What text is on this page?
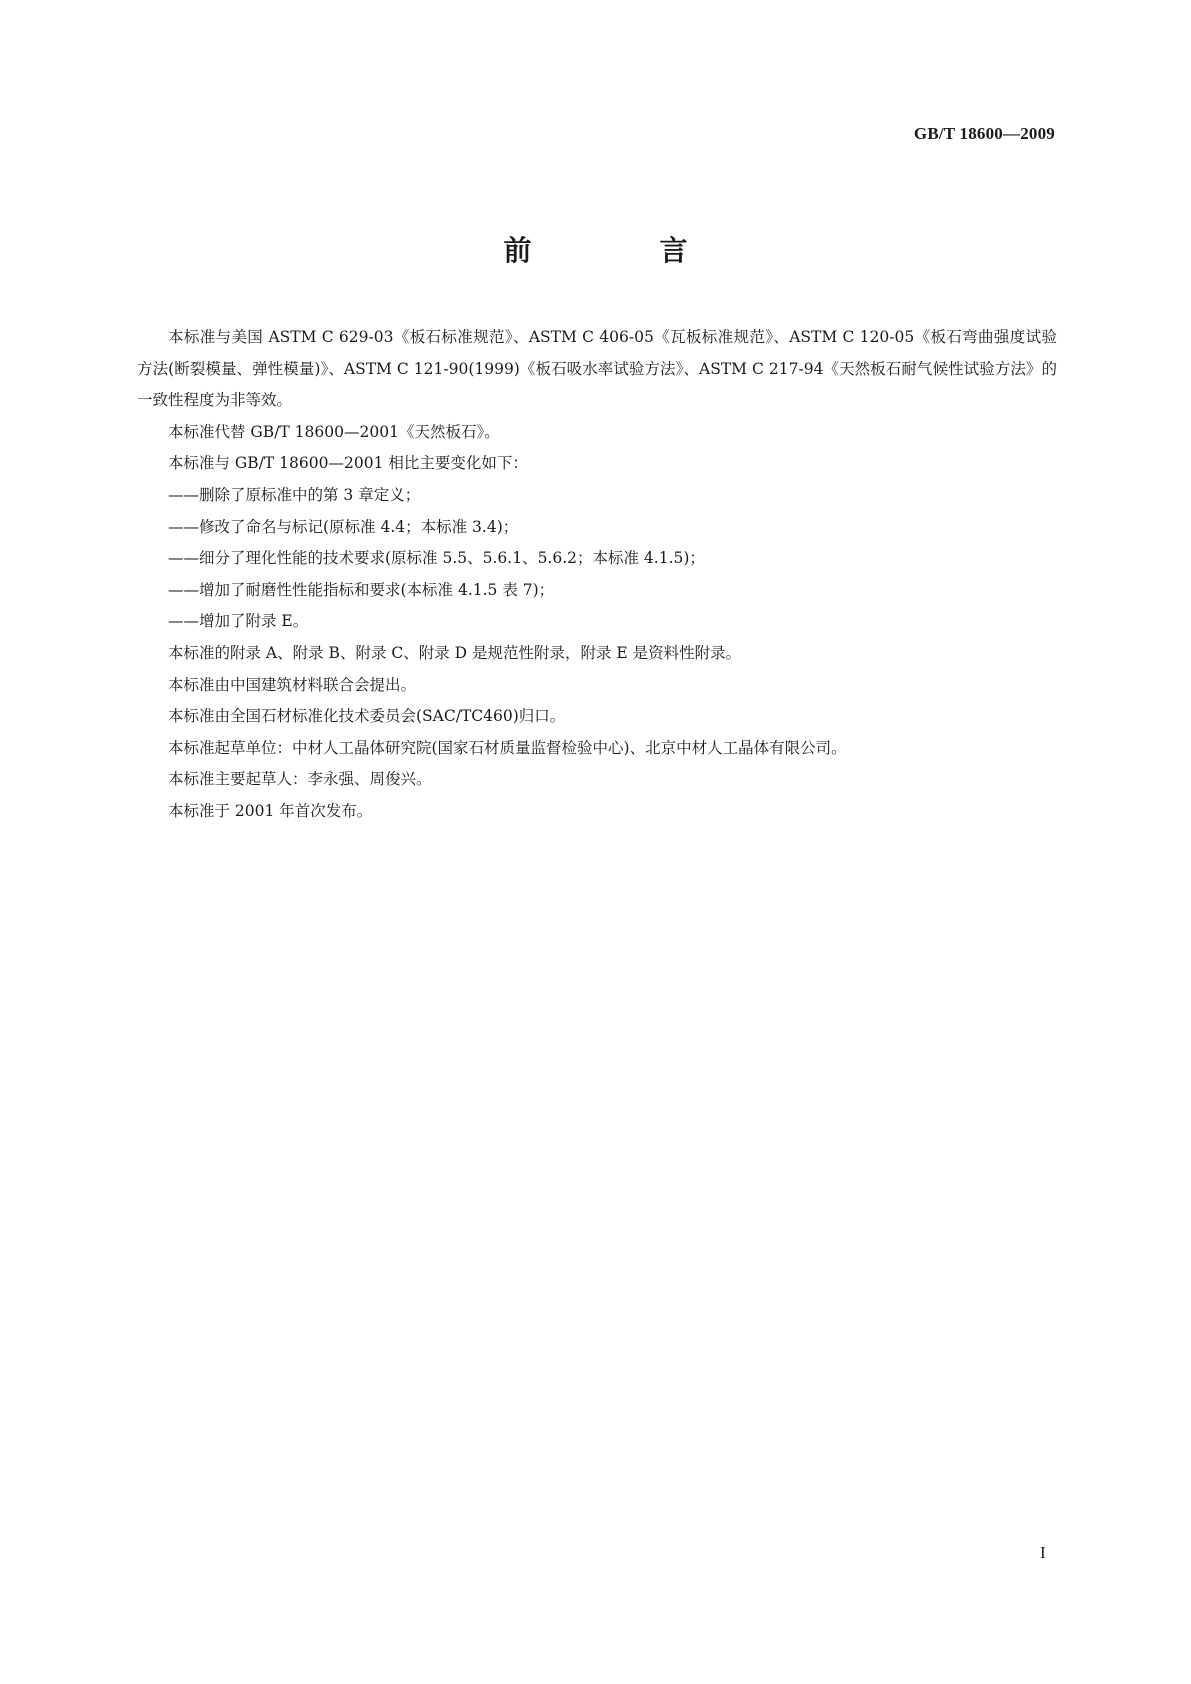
GB/T 18600—2009
前　言

本标准与美国 ASTM C 629-03《板石标准规范》、ASTM C 406-05《瓦板标准规范》、ASTM C 120-05《板石弯曲强度试验方法(断裂模量、弹性模量)》、ASTM C 121-90(1999)《板石吸水率试验方法》、ASTM C 217-94《天然板石耐气候性试验方法》的一致性程度为非等效。

本标准代替 GB/T 18600—2001《天然板石》。

本标准与 GB/T 18600—2001 相比主要变化如下：

——删除了原标准中的第 3 章定义；

——修改了命名与标记(原标准 4.4；本标准 3.4)；

——细分了理化性能的技术要求(原标准 5.5、5.6.1、5.6.2；本标准 4.1.5)；

——增加了耐磨性性能指标和要求(本标准 4.1.5 表 7)；

——增加了附录 E。

本标准的附录 A、附录 B、附录 C、附录 D 是规范性附录，附录 E 是资料性附录。

本标准由中国建筑材料联合会提出。

本标准由全国石材标准化技术委员会(SAC/TC460)归口。

本标准起草单位：中材人工晶体研究院(国家石材质量监督检验中心)、北京中材人工晶体有限公司。

本标准主要起草人：李永强、周俊兴。

本标准于 2001 年首次发布。

I
